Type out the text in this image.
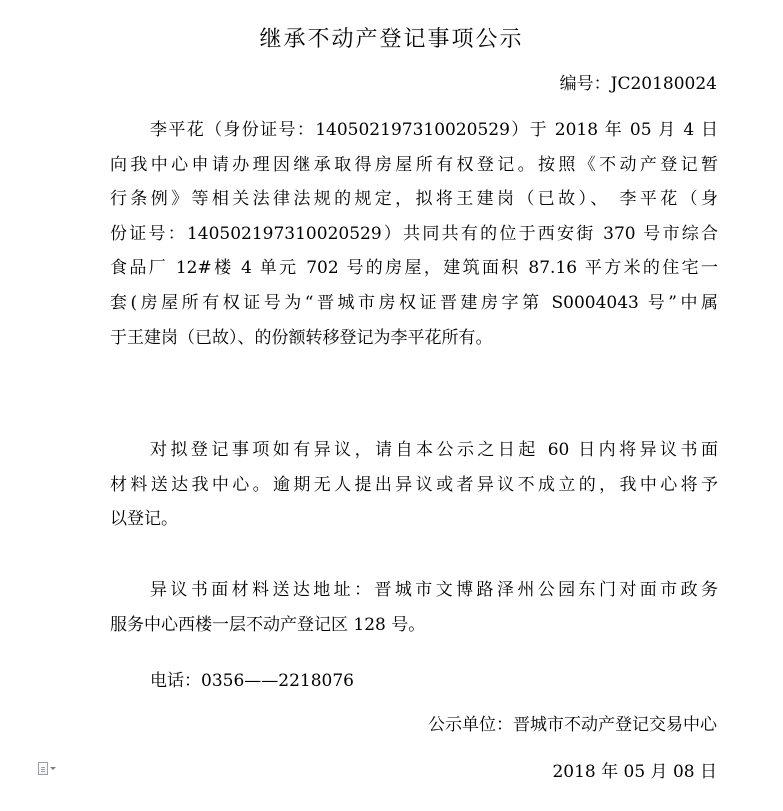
继承不动产登记事项公示
编号：JC20180024
李平花（身份证号：140502197310020529）于 2018 年 05 月 4 日
向我中心申请办理因继承取得房屋所有权登记。按照《不动产登记暂
行条例》等相关法律法规的规定，拟将王建岗（已故）、 李平花（身
份证号：140502197310020529）共同共有的位于西安街 370 号市综合
食品厂 12#楼 4 单元 702 号的房屋，建筑面积 87.16 平方米的住宅一
套(房屋所有权证号为“晋城市房权证晋建房字第 S0004043 号”中属
于王建岗（已故）、的份额转移登记为李平花所有。
对拟登记事项如有异议，请自本公示之日起 60 日内将异议书面
材料送达我中心。逾期无人提出异议或者异议不成立的，我中心将予
以登记。
异议书面材料送达地址：晋城市文博路泽州公园东门对面市政务
服务中心西楼一层不动产登记区 128 号。
电话：0356——2218076
公示单位：晋城市不动产登记交易中心
2018 年 05 月 08 日
